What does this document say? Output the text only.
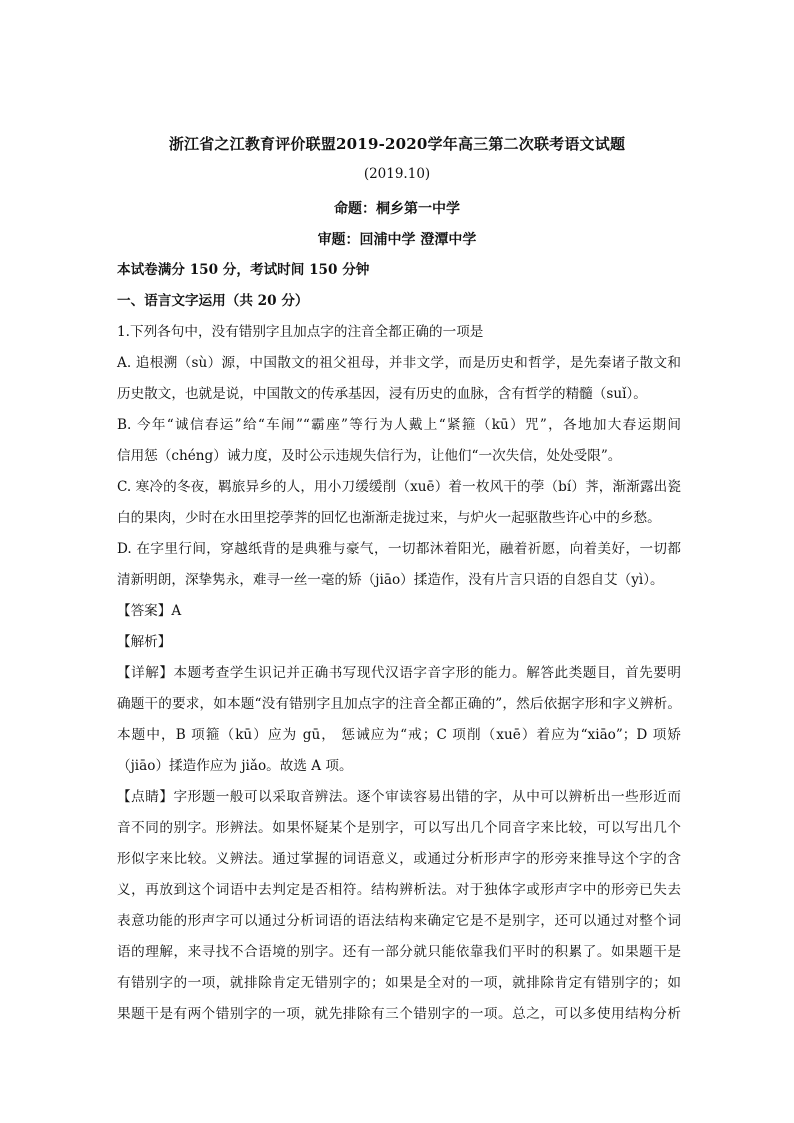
浙江省之江教育评价联盟2019-2020学年高三第二次联考语文试题
(2019.10)
命题：桐乡第一中学
审题：回浦中学 澄潭中学
本试卷满分 150 分，考试时间 150 分钟
一、语言文字运用（共 20 分）
1.下列各句中，没有错别字且加点字的注音全都正确的一项是
A. 追根溯（sù）源，中国散文的祖父祖母，并非文学，而是历史和哲学，是先秦诸子散文和
历史散文，也就是说，中国散文的传承基因，浸有历史的血脉，含有哲学的精髓（suǐ）。
B. 今年“诚信春运”给“车闹”“霸座”等行为人戴上“紧箍（kū）咒”，各地加大春运期间
信用惩（chéng）诫力度，及时公示违规失信行为，让他们“一次失信，处处受限”。
C. 寒冷的冬夜，羁旅异乡的人，用小刀缓缓削（xuē）着一枚风干的荸（bí）荠，渐渐露出瓷
白的果肉，少时在水田里挖荸荠的回忆也渐渐走拢过来，与炉火一起驱散些许心中的乡愁。
D. 在字里行间，穿越纸背的是典雅与豪气，一切都沐着阳光，融着祈愿，向着美好，一切都
清新明朗，深挚隽永，难寻一丝一毫的矫（jiāo）揉造作，没有片言只语的自怨自艾（yì）。
【答案】A
【解析】
【详解】本题考查学生识记并正确书写现代汉语字音字形的能力。解答此类题目，首先要明
确题干的要求，如本题“没有错别字且加点字的注音全都正确的”，然后依据字形和字义辨析。
本题中，B 项箍（kū）应为 gū， 惩诫应为“戒；C 项削（xuē）着应为“xiāo”；D 项矫
（jiāo）揉造作应为 jiǎo。故选 A 项。
【点睛】字形题一般可以采取音辨法。逐个审读容易出错的字，从中可以辨析出一些形近而
音不同的别字。形辨法。如果怀疑某个是别字，可以写出几个同音字来比较，可以写出几个
形似字来比较。义辨法。通过掌握的词语意义，或通过分析形声字的形旁来推导这个字的含
义，再放到这个词语中去判定是否相符。结构辨析法。对于独体字或形声字中的形旁已失去
表意功能的形声字可以通过分析词语的语法结构来确定它是不是别字，还可以通过对整个词
语的理解，来寻找不合语境的别字。还有一部分就只能依靠我们平时的积累了。如果题干是
有错别字的一项，就排除肯定无错别字的；如果是全对的一项，就排除肯定有错别字的；如
果题干是有两个错别字的一项，就先排除有三个错别字的一项。总之，可以多使用结构分析
